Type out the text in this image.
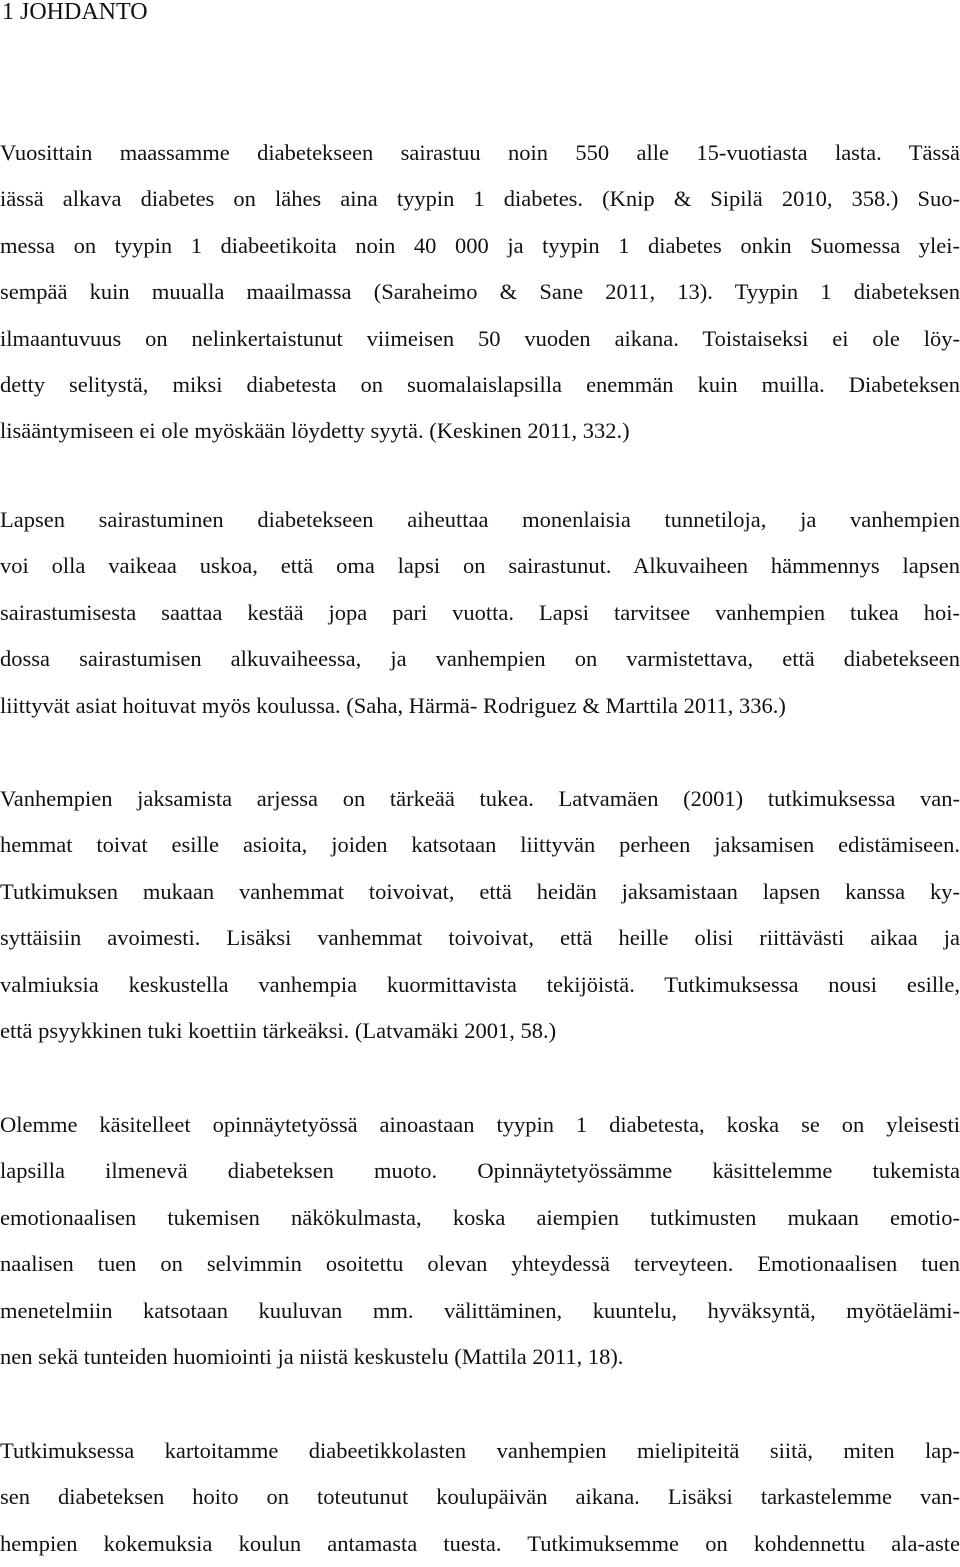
1 JOHDANTO
Vuosittain maassamme diabetekseen sairastuu noin 550 alle 15-vuotiasta lasta. Tässä
iässä alkava diabetes on lähes aina tyypin 1 diabetes. (Knip & Sipilä 2010, 358.) Suo-
messa on tyypin 1 diabeetikoita noin 40 000 ja tyypin 1 diabetes onkin Suomessa ylei-
sempää kuin muualla maailmassa (Saraheimo & Sane 2011, 13). Tyypin 1 diabeteksen
ilmaantuvuus on nelinkertaistunut viimeisen 50 vuoden aikana. Toistaiseksi ei ole löy-
detty selitystä, miksi diabetesta on suomalaislapsilla enemmän kuin muilla. Diabeteksen
lisääntymiseen ei ole myöskään löydetty syytä. (Keskinen 2011, 332.)
Lapsen sairastuminen diabetekseen aiheuttaa monenlaisia tunnetiloja, ja vanhempien
voi olla vaikeaa uskoa, että oma lapsi on sairastunut. Alkuvaiheen hämmennys lapsen
sairastumisesta saattaa kestää jopa pari vuotta. Lapsi tarvitsee vanhempien tukea hoi-
dossa sairastumisen alkuvaiheessa, ja vanhempien on varmistettava, että diabetekseen
liittyvät asiat hoituvat myös koulussa. (Saha, Härmä- Rodriguez & Marttila 2011, 336.)
Vanhempien jaksamista arjessa on tärkeää tukea. Latvamäen (2001) tutkimuksessa van-
hemmat toivat esille asioita, joiden katsotaan liittyvän perheen jaksamisen edistämiseen.
Tutkimuksen mukaan vanhemmat toivoivat, että heidän jaksamistaan lapsen kanssa ky-
syttäisiin avoimesti. Lisäksi vanhemmat toivoivat, että heille olisi riittävästi aikaa ja
valmiuksia keskustella vanhempia kuormittavista tekijöistä. Tutkimuksessa nousi esille,
että psyykkinen tuki koettiin tärkeäksi. (Latvamäki 2001, 58.)
Olemme käsitelleet opinnäytetyössä ainoastaan tyypin 1 diabetesta, koska se on yleisesti
lapsilla ilmenevä diabeteksen muoto. Opinnäytetyössämme käsittelemme tukemista
emotionaalisen tukemisen näkökulmasta, koska aiempien tutkimusten mukaan emotio-
naalisen tuen on selvimmin osoitettu olevan yhteydessä terveyteen. Emotionaalisen tuen
menetelmiin katsotaan kuuluvan mm. välittäminen, kuuntelu, hyväksyntä, myötäelämi-
nen sekä tunteiden huomiointi ja niistä keskustelu (Mattila 2011, 18).
Tutkimuksessa kartoitamme diabeetikkolasten vanhempien mielipiteitä siitä, miten lap-
sen diabeteksen hoito on toteutunut koulupäivän aikana. Lisäksi tarkastelemme van-
hempien kokemuksia koulun antamasta tuesta. Tutkimuksemme on kohdennettu ala-aste
